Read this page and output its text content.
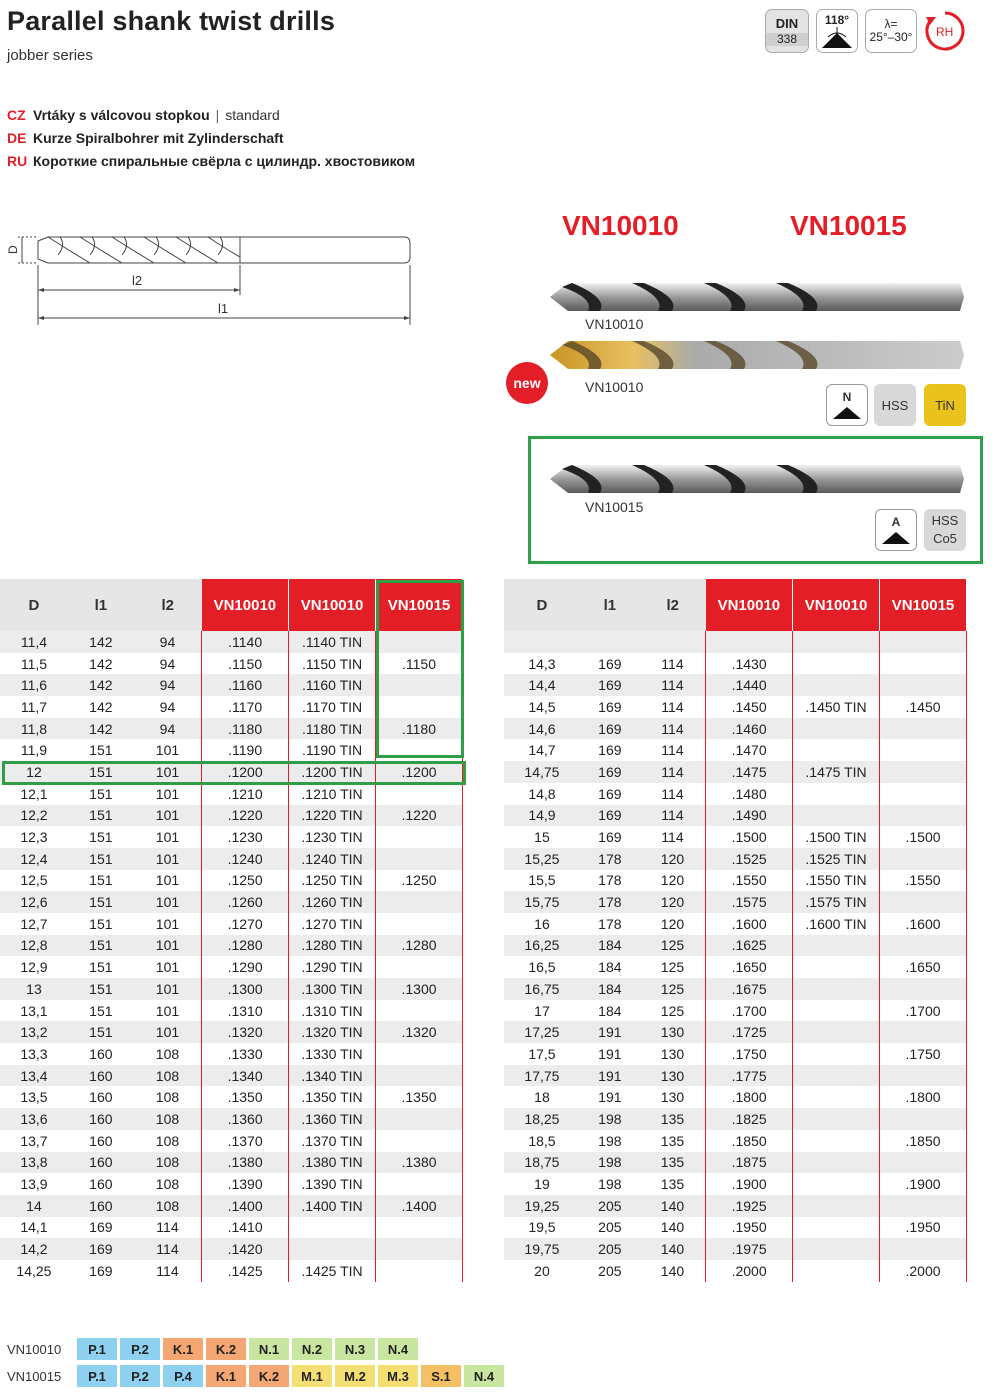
Parallel shank twist drills
jobber series
DIN
338
118°	λ=
25°–30° RH
CZ Vrtáky s válcovou stopkou | standard
DE Kurze Spiralbohrer mit Zylinderschaft
RU Короткие спиральные свёрла с цилиндр. хвостовиком
D
l2
l1
VN10010	VN10015
VN10010
VN10010
new
N
HSS	TiN
VN10015
A HSS
Co5
D	l1	l2	VN10010	VN10010	VN10015
11,4	142	94	.1140	.1140 TIN	
11,5	142	94	.1150	.1150 TIN	.1150
11,6	142	94	.1160	.1160 TIN	
11,7	142	94	.1170	.1170 TIN	
11,8	142	94	.1180	.1180 TIN	.1180
11,9	151	101	.1190	.1190 TIN	
12	151	101	.1200	.1200 TIN	.1200
12,1	151	101	.1210	.1210 TIN	
12,2	151	101	.1220	.1220 TIN	.1220
12,3	151	101	.1230	.1230 TIN	
12,4	151	101	.1240	.1240 TIN	
12,5	151	101	.1250	.1250 TIN	.1250
12,6	151	101	.1260	.1260 TIN	
12,7	151	101	.1270	.1270 TIN	
12,8	151	101	.1280	.1280 TIN	.1280
12,9	151	101	.1290	.1290 TIN	
13	151	101	.1300	.1300 TIN	.1300
13,1	151	101	.1310	.1310 TIN	
13,2	151	101	.1320	.1320 TIN	.1320
13,3	160	108	.1330	.1330 TIN	
13,4	160	108	.1340	.1340 TIN	
13,5	160	108	.1350	.1350 TIN	.1350
13,6	160	108	.1360	.1360 TIN	
13,7	160	108	.1370	.1370 TIN	
13,8	160	108	.1380	.1380 TIN	.1380
13,9	160	108	.1390	.1390 TIN	
14	160	108	.1400	.1400 TIN	.1400
14,1	169	114	.1410		
14,2	169	114	.1420		
14,25	169	114	.1425	.1425 TIN	
D	l1	l2	VN10010	VN10010	VN10015

14,3	169	114	.1430		
14,4	169	114	.1440		
14,5	169	114	.1450	.1450 TIN	.1450
14,6	169	114	.1460		
14,7	169	114	.1470		
14,75	169	114	.1475	.1475 TIN	
14,8	169	114	.1480		
14,9	169	114	.1490		
15	169	114	.1500	.1500 TIN	.1500
15,25	178	120	.1525	.1525 TIN	
15,5	178	120	.1550	.1550 TIN	.1550
15,75	178	120	.1575	.1575 TIN	
16	178	120	.1600	.1600 TIN	.1600
16,25	184	125	.1625		
16,5	184	125	.1650		.1650
16,75	184	125	.1675		
17	184	125	.1700		.1700
17,25	191	130	.1725		
17,5	191	130	.1750		.1750
17,75	191	130	.1775		
18	191	130	.1800		.1800
18,25	198	135	.1825		
18,5	198	135	.1850		.1850
18,75	198	135	.1875		
19	198	135	.1900		.1900
19,25	205	140	.1925		
19,5	205	140	.1950		.1950
19,75	205	140	.1975		
20	205	140	.2000		.2000
VN10010	P.1	P.2	K.1	K.2	N.1	N.2	N.3	N.4
VN10015	P.1	P.2	P.4	K.1	K.2	M.1	M.2	M.3	S.1	N.4
